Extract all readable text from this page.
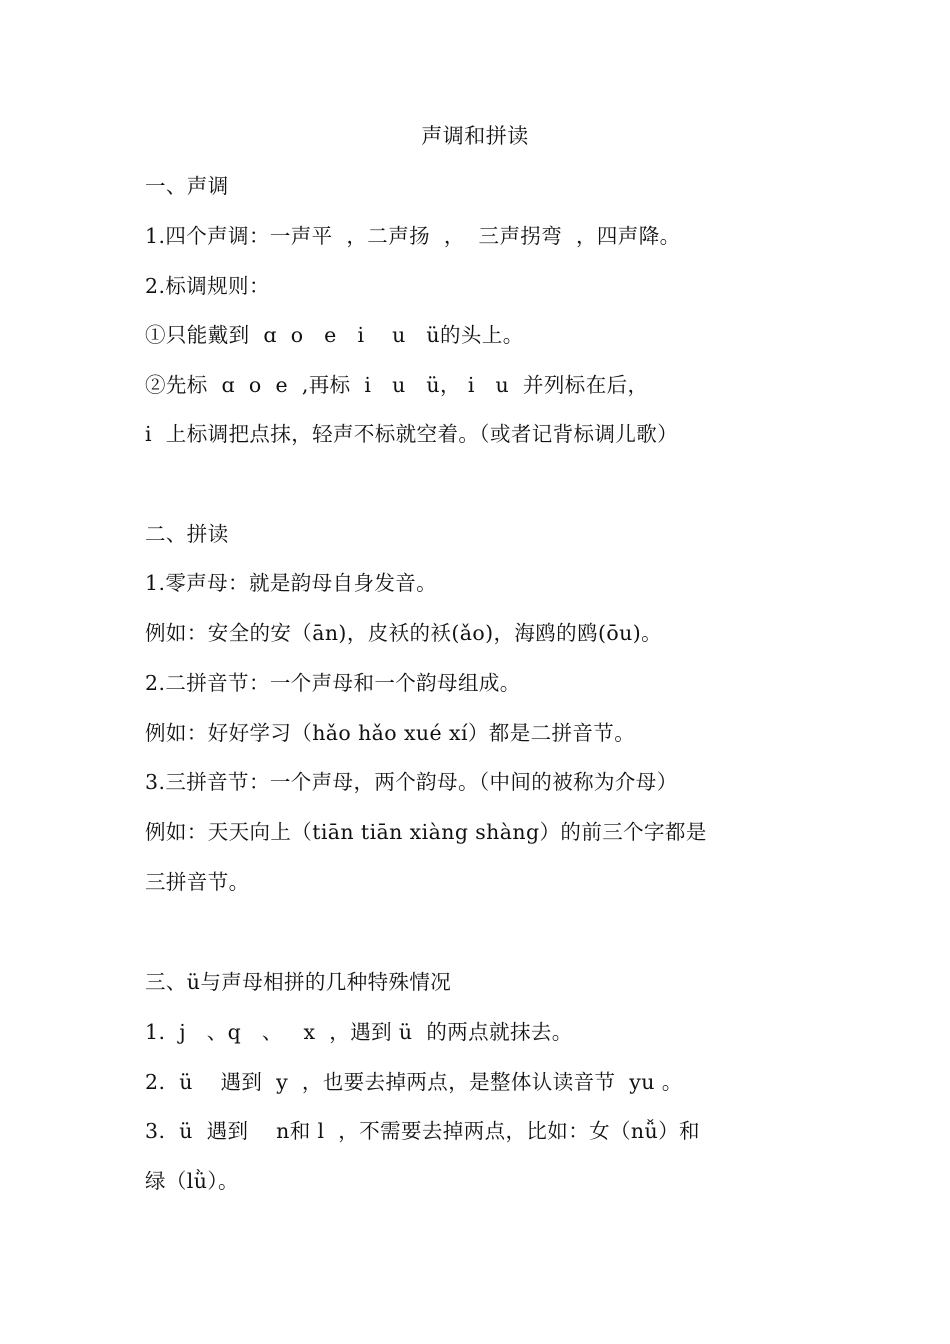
声调和拼读
一、声调
1.四个声调：一声平  ，二声扬  ，  三声拐弯  ，四声降。
2.标调规则：
①只能戴到  ɑ  o   e   i    u   ü的头上。
②先标  ɑ  o  e  ,再标  i   u   ü， i   u  并列标在后，
i  上标调把点抹，轻声不标就空着。（或者记背标调儿歌）
二、拼读
1.零声母：就是韵母自身发音。
例如：安全的安（ān)，皮袄的袄(ǎo)，海鸥的鸥(ōu)。
2.二拼音节：一个声母和一个韵母组成。
例如：好好学习（hǎo hǎo xué xí）都是二拼音节。
3.三拼音节：一个声母，两个韵母。（中间的被称为介母）
例如：天天向上（tiān tiān xiàng shàng）的前三个字都是
三拼音节。
三、ü与声母相拼的几种特殊情况
1.  j   、q   、   x  ，遇到 ü  的两点就抹去。
2.  ü    遇到  y  ，也要去掉两点，是整体认读音节  yu 。
3.  ü  遇到    n和 l  ，不需要去掉两点，比如：女（nǚ）和
绿（lǜ）。
